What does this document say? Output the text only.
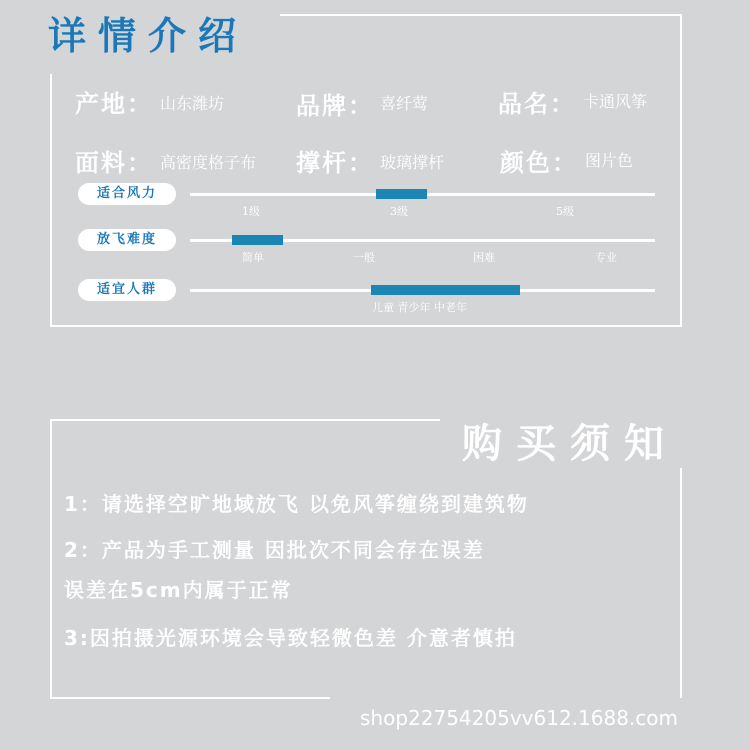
详情介绍
产地： 山东潍坊	品牌： 喜纤莺	品名： 卡通风筝
面料： 高密度格子布 撑杆： 玻璃撑杆 颜色： 图片色
适合风力
1级	3级	5级
放飞难度
简单	一般	困难	专业
适宜人群
儿童 青少年 中老年
购买须知
1：请选择空旷地域放飞 以免风筝缠绕到建筑物
2：产品为手工测量 因批次不同会存在误差
误差在5cm内属于正常
3:因拍摄光源环境会导致轻微色差 介意者慎拍
shop22754205vv612.1688.com
